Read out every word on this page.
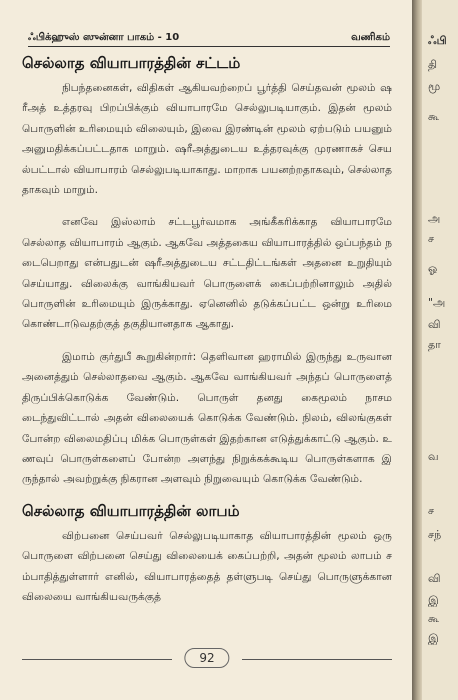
ஃபிக்ஹுஸ் ஸுன்னா பாகம் - 10	வணிகம்
செல்லாத வியாபாரத்தின் சட்டம்

நிபந்தனைகள், விதிகள் ஆகியவற்றைப் பூர்த்தி செய்தவன் மூலம் ஷரீஅத் உத்தரவு பிறப்பிக்கும் வியாபாரமே செல்லுபடியாகும். இதன் மூலம் பொருளின் உரிமையும் விலையும், இவை இரண்டின் மூலம் ஏற்படும் பயனும் அனுமதிக்கப்பட்டதாக மாறும். ஷரீஅத்துடைய உத்தரவுக்கு முரணாகச் செயல்பட்டால் வியாபாரம் செல்லுபடியாகாது. மாறாக பயனற்றதாகவும், செல்லாததாகவும் மாறும்.

எனவே இஸ்லாம் சட்டபூர்வமாக அங்கீகரிக்காத வியாபாரமே செல்லாத வியாபாரம் ஆகும். ஆகவே அத்தகைய வியாபாரத்தில் ஒப்பந்தம் நடைபெறாது என்பதுடன் ஷரீஅத்துடைய சட்டதிட்டங்கள் அதனை உறுதியும் செய்யாது. விலைக்கு வாங்கியவர் பொருளைக் கைப்பற்றினாலும் அதில் பொருளின் உரிமையும் இருக்காது. ஏனெனில் தடுக்கப்பட்ட ஒன்று உரிமை கொண்டாடுவதற்குத் தகுதியானதாக ஆகாது.

இமாம் குர்துபீ கூறுகின்றார்: தெளிவான ஹராமில் இருந்து உருவான அனைத்தும் செல்லாதவை ஆகும். ஆகவே வாங்கியவர் அந்தப் பொருளைத் திருப்பிக்கொடுக்க வேண்டும். பொருள் தனது கைமூலம் நாசமடைந்துவிட்டால் அதன் விலையைக் கொடுக்க வேண்டும். நிலம், விலங்குகள் போன்ற விலைமதிப்பு மிக்க பொருள்கள் இதற்கான எடுத்துக்காட்டு ஆகும். உணவுப் பொருள்களைப் போன்ற அளந்து நிறுக்கக்கூடிய பொருள்களாக இருந்தால் அவற்றுக்கு நிகரான அளவும் நிறுவையும் கொடுக்க வேண்டும்.

செல்லாத வியாபாரத்தின் லாபம்

விற்பனை செய்பவர் செல்லுபடியாகாத வியாபாரத்தின் மூலம் ஒரு பொருளை விற்பனை செய்து விலையைக் கைப்பற்றி, அதன் மூலம் லாபம் சம்பாதித்துள்ளார் எனில், வியாபாரத்தைத் தள்ளுபடி செய்து பொருளுக்கான விலையை வாங்கியவருக்குத்

92
ஃபி
தி
மூ
கூ
அ
ச
ஓ
"அ
வி
தா
வ
ச
சந்
வி
இ
கூ
இ
